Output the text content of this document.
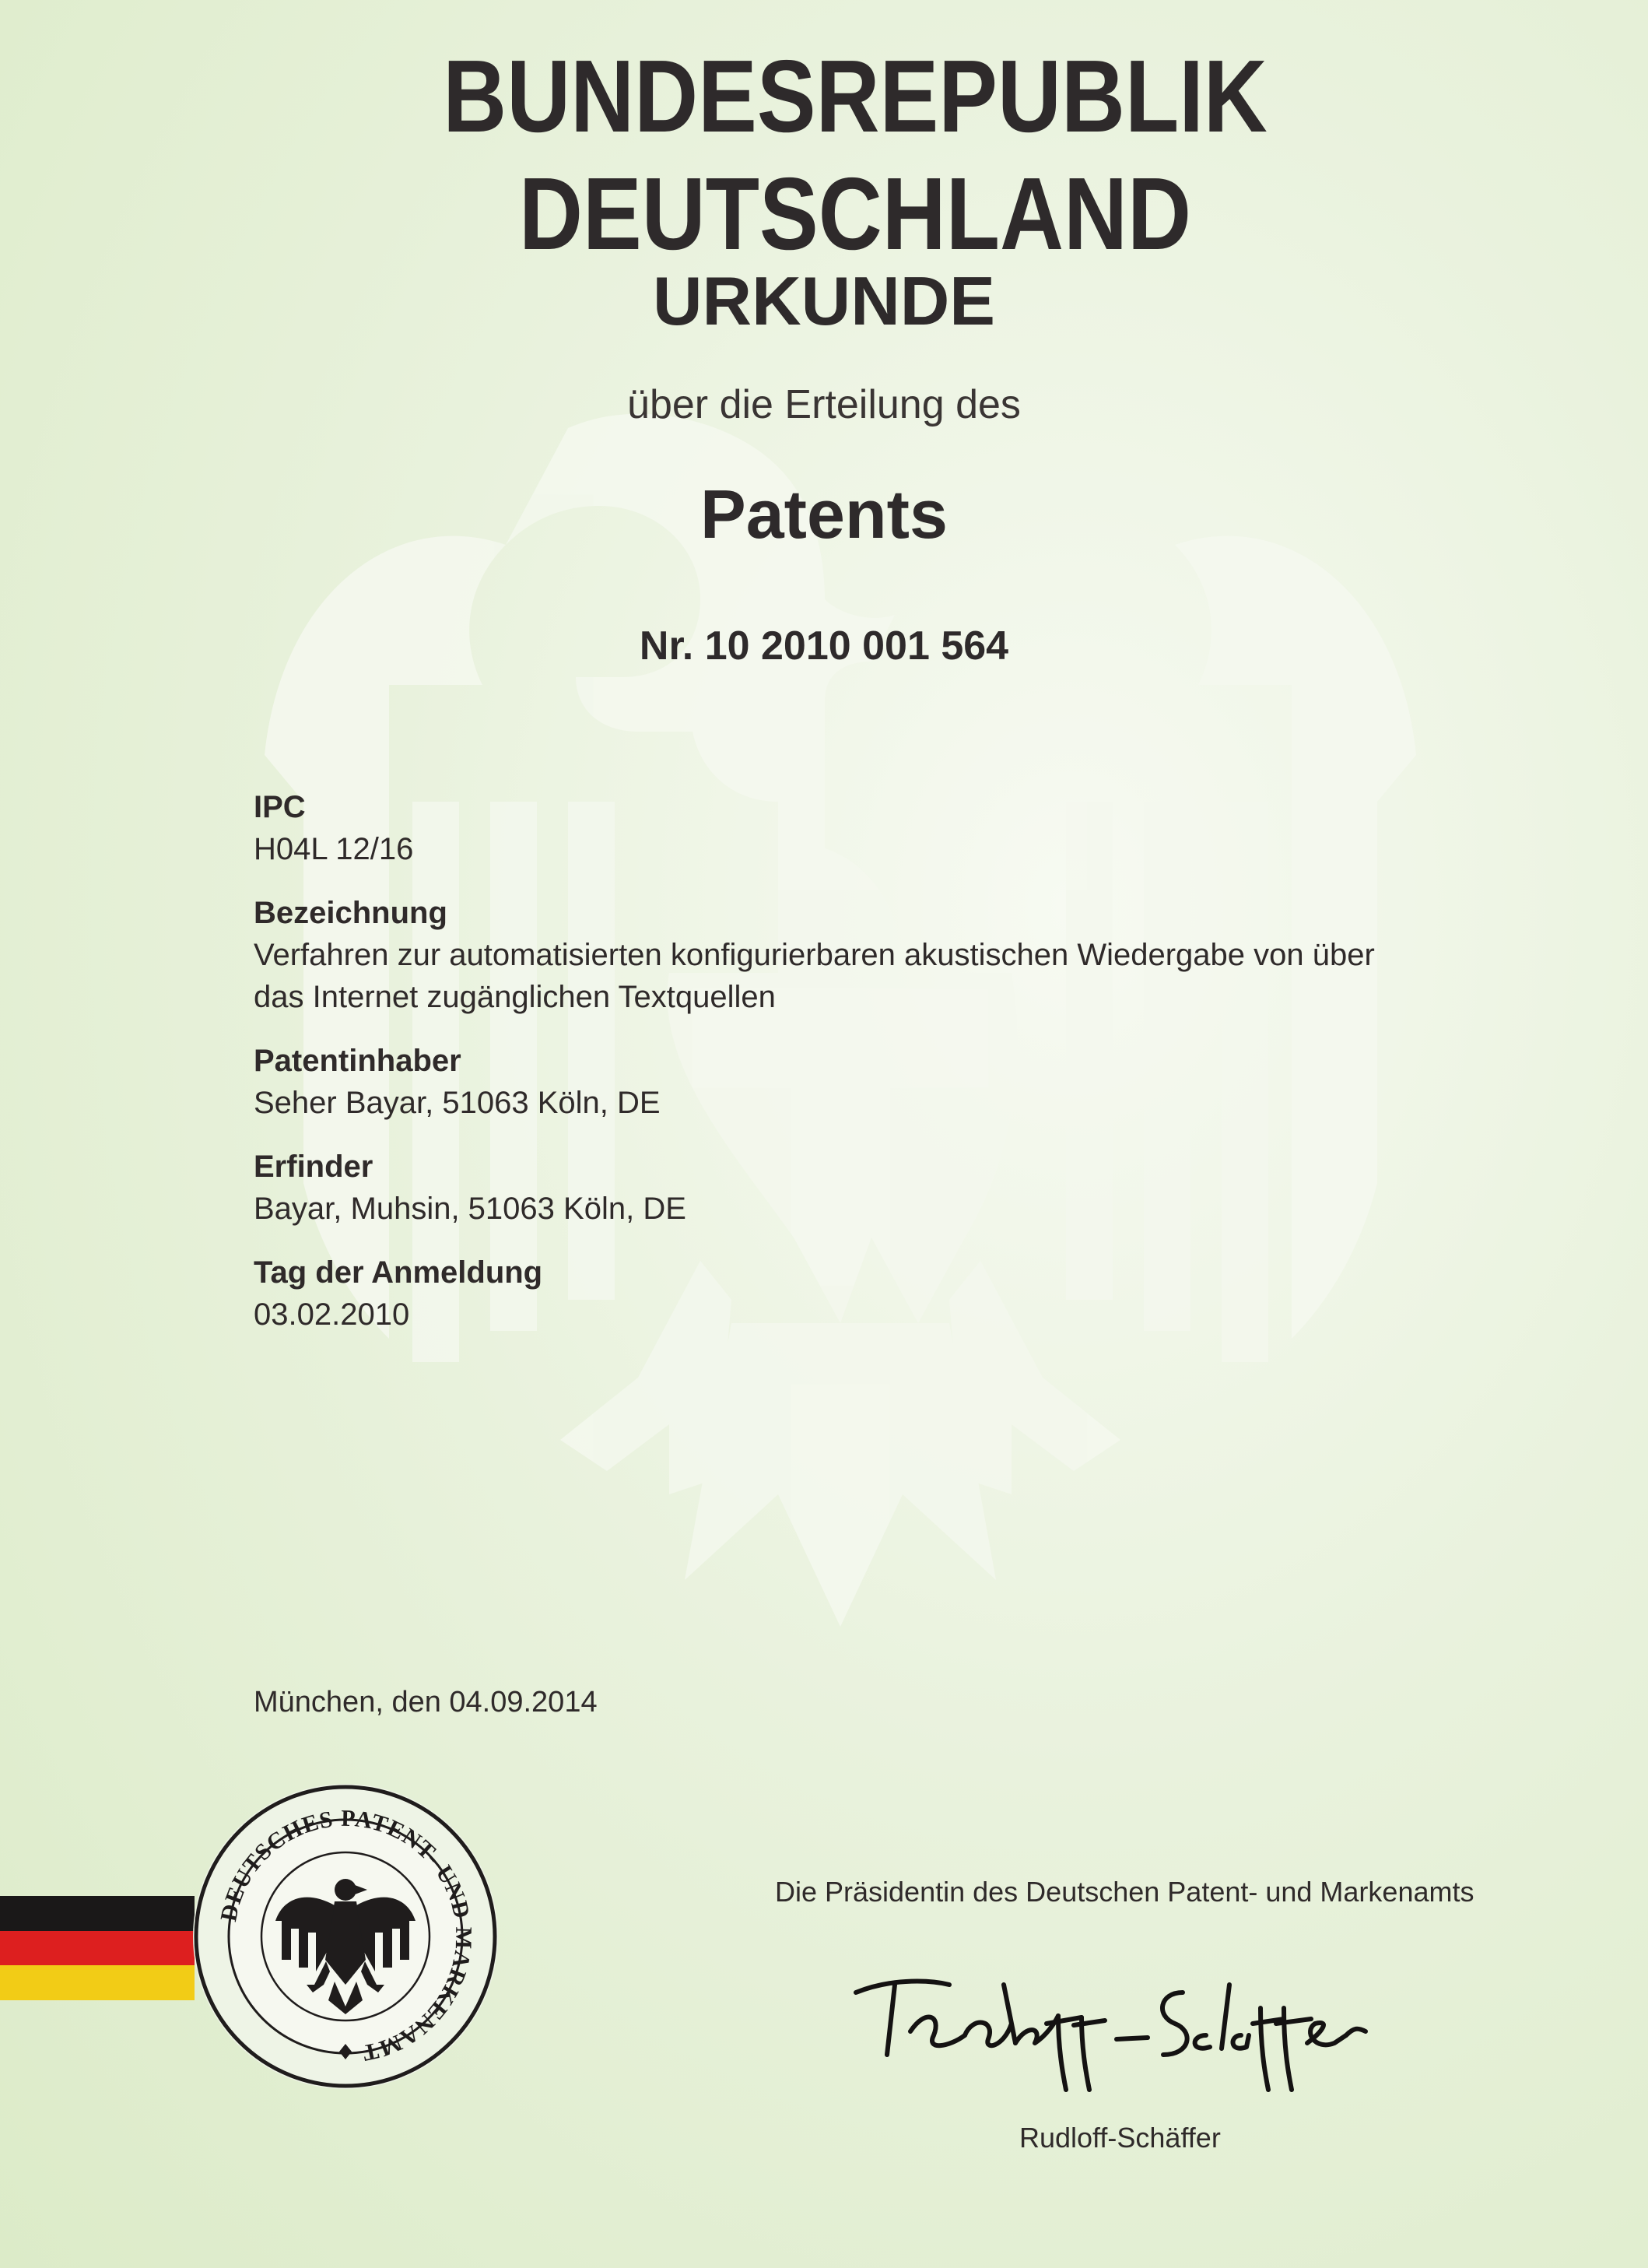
BUNDESREPUBLIK DEUTSCHLAND
URKUNDE
über die Erteilung des
Patents
Nr. 10 2010 001 564
IPC
H04L 12/16
Bezeichnung
Verfahren zur automatisierten konfigurierbaren akustischen Wiedergabe von über
das Internet zugänglichen Textquellen
Patentinhaber
Seher Bayar, 51063 Köln, DE
Erfinder
Bayar, Muhsin, 51063 Köln, DE
Tag der Anmeldung
03.02.2010
München, den 04.09.2014
DEUTSCHES PATENT- UND MARKENAMT
Die Präsidentin des Deutschen Patent- und Markenamts
Rudloff-Schäffer
